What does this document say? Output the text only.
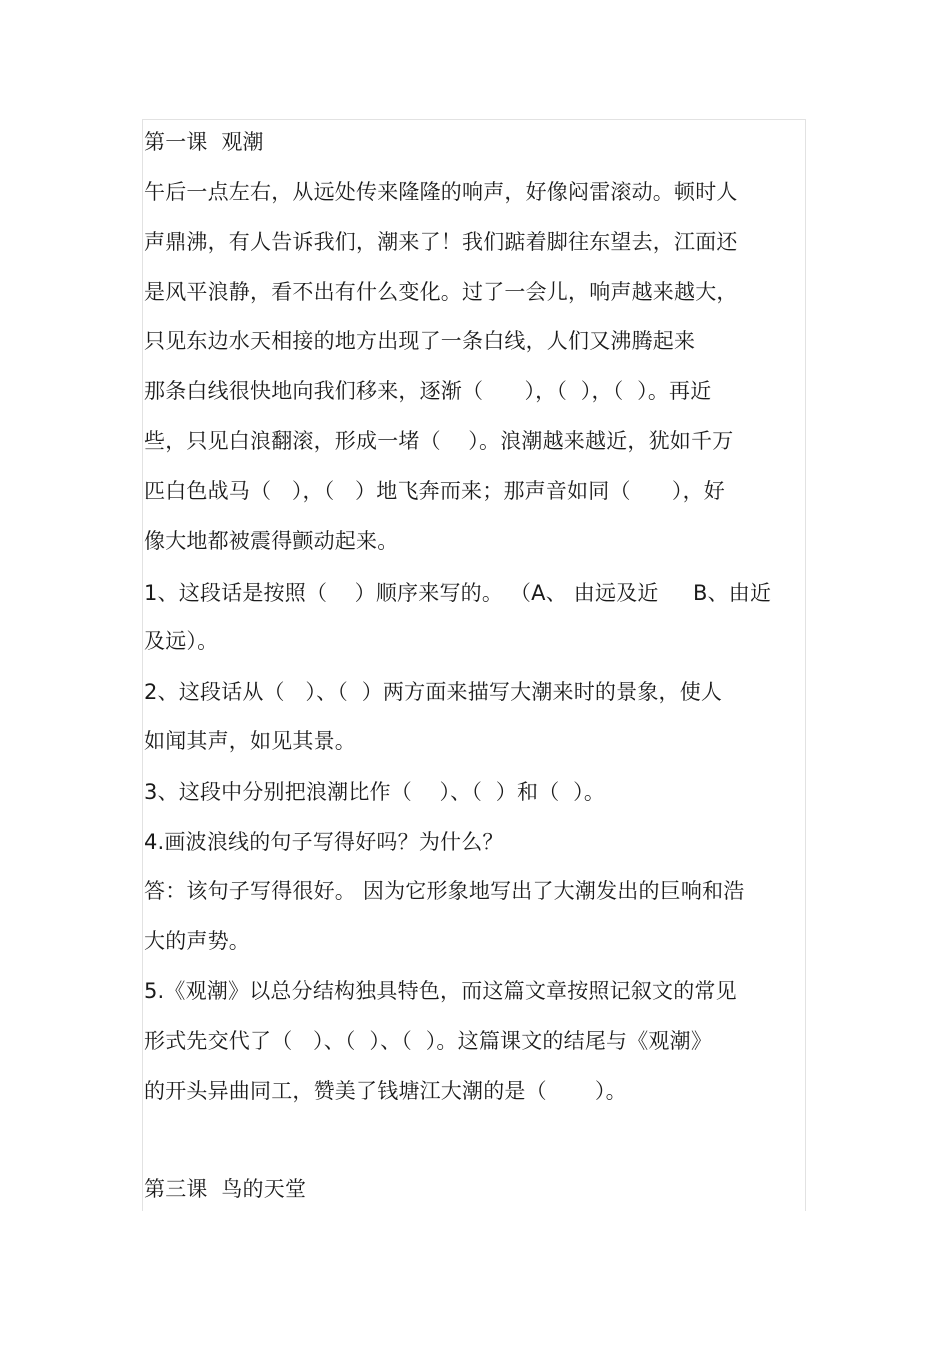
第一课  观潮
午后一点左右，从远处传来隆隆的响声，好像闷雷滚动。顿时人
声鼎沸，有人告诉我们，潮来了！我们踮着脚往东望去，江面还
是风平浪静，看不出有什么变化。过了一会儿，响声越来越大，
只见东边水天相接的地方出现了一条白线，人们又沸腾起来
那条白线很快地向我们移来，逐渐（      ），（  ），（  ）。再近
些，只见白浪翻滚，形成一堵（    ）。浪潮越来越近，犹如千万
匹白色战马（   ），（   ）地飞奔而来；那声音如同（      ），好
像大地都被震得颤动起来。
1、这段话是按照（    ）顺序来写的。 （A、 由远及近     B、由近
及远）。
2、这段话从（   ）、（  ）两方面来描写大潮来时的景象，使人
如闻其声，如见其景。
3、这段中分别把浪潮比作（    ）、（  ）和（  ）。
4.画波浪线的句子写得好吗？为什么？
答：该句子写得很好。 因为它形象地写出了大潮发出的巨响和浩
大的声势。
5.《观潮》以总分结构独具特色，而这篇文章按照记叙文的常见
形式先交代了（   ）、（  ）、（  ）。这篇课文的结尾与《观潮》
的开头异曲同工，赞美了钱塘江大潮的是（       ）。
第三课  鸟的天堂
